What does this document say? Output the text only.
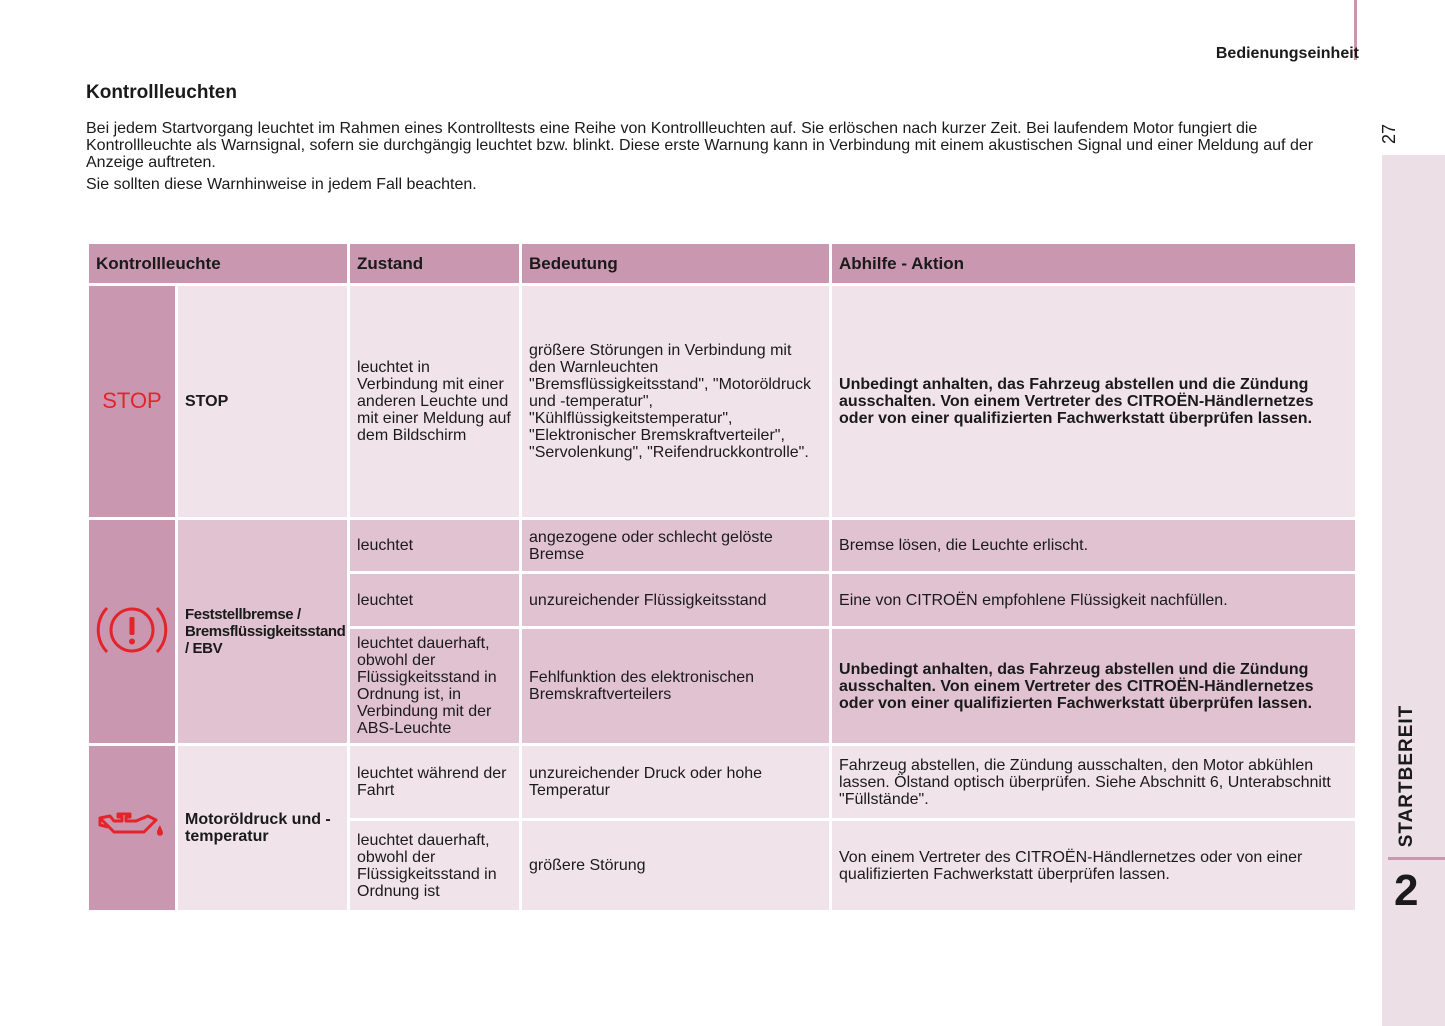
Bedienungseinheit
27
STARTBEREIT
2
Kontrollleuchten

Bei jedem Startvorgang leuchtet im Rahmen eines Kontrolltests eine Reihe von Kontrollleuchten auf. Sie erlöschen nach kurzer Zeit. Bei laufendem Motor fungiert die Kontrollleuchte als Warnsignal, sofern sie durchgängig leuchtet bzw. blinkt. Diese erste Warnung kann in Verbindung mit einem akustischen Signal und einer Meldung auf der Anzeige auftreten.

Sie sollten diese Warnhinweise in jedem Fall beachten.

Kontrollleuchte		Zustand	Bedeutung	Abhilfe - Aktion

STOP	STOP	leuchtet in Verbindung mit einer anderen Leuchte und mit einer Meldung auf dem Bildschirm	größere Störungen in Verbindung mit den Warnleuchten "Bremsflüssigkeitsstand", "Motoröldruck und -temperatur", "Kühlflüssigkeitstemperatur", "Elektronischer Bremskraftverteiler", "Servolenkung", "Reifendruckkontrolle".	Unbedingt anhalten, das Fahrzeug abstellen und die Zündung ausschalten. Von einem Vertreter des CITROËN-Händlernetzes oder von einer qualifizierten Fachwerkstatt überprüfen lassen.
	Feststellbremse / Bremsflüssigkeitsstand / EBV	leuchtet	angezogene oder schlecht gelöste Bremse	Bremse lösen, die Leuchte erlischt.
		leuchtet	unzureichender Flüssigkeitsstand	Eine von CITROËN empfohlene Flüssigkeit nachfüllen.
		leuchtet dauerhaft, obwohl der Flüssigkeitsstand in Ordnung ist, in Verbindung mit der ABS-Leuchte	Fehlfunktion des elektronischen Bremskraftverteilers	Unbedingt anhalten, das Fahrzeug abstellen und die Zündung ausschalten. Von einem Vertreter des CITROËN-Händlernetzes oder von einer qualifizierten Fachwerkstatt überprüfen lassen.
	Motoröldruck und -temperatur	leuchtet während der Fahrt	unzureichender Druck oder hohe Temperatur	Fahrzeug abstellen, die Zündung ausschalten, den Motor abkühlen lassen. Ölstand optisch überprüfen. Siehe Abschnitt 6, Unterabschnitt "Füllstände".
		leuchtet dauerhaft, obwohl der Flüssigkeitsstand in Ordnung ist	größere Störung	Von einem Vertreter des CITROËN-Händlernetzes oder von einer qualifizierten Fachwerkstatt überprüfen lassen.
